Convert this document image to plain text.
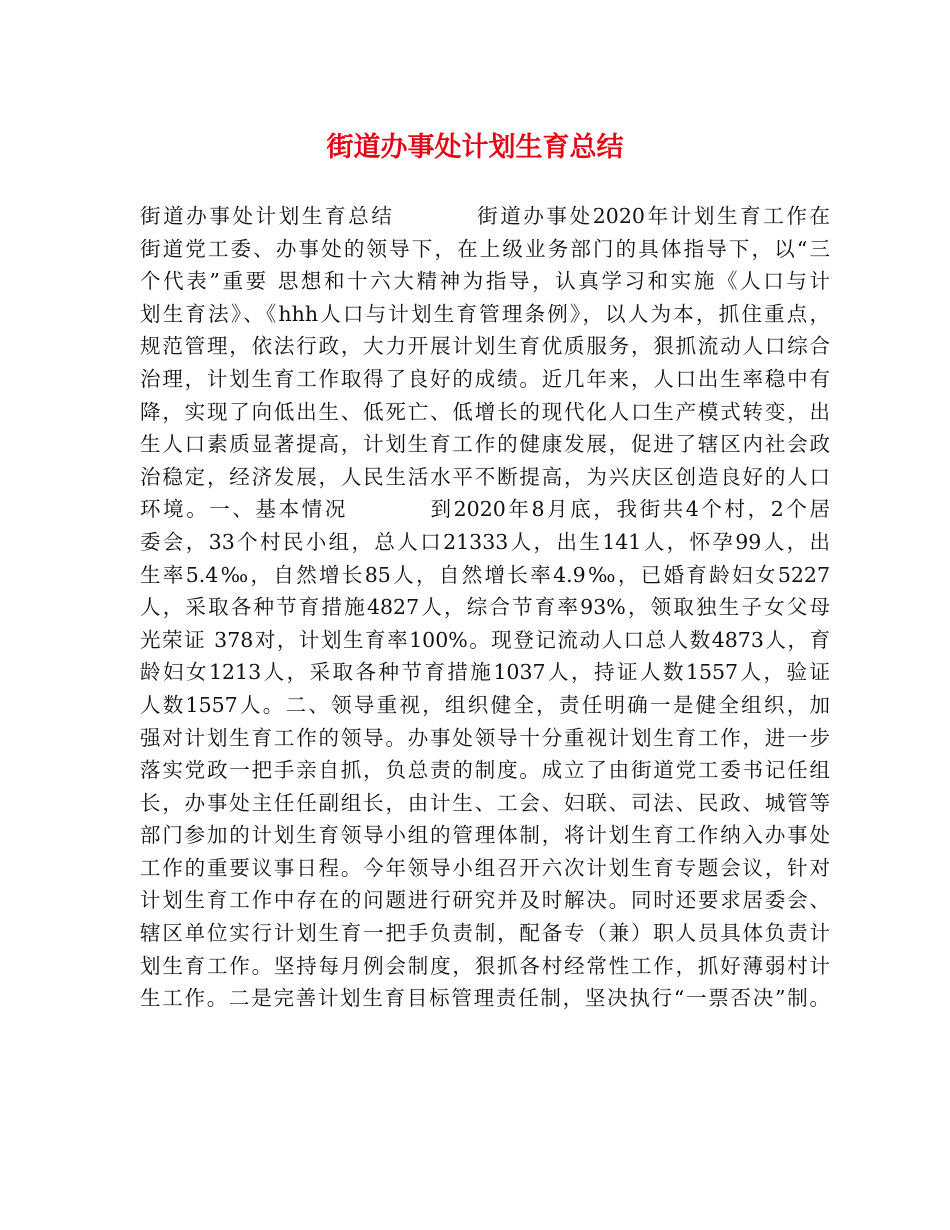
街道办事处计划生育总结
街道办事处计划生育总结	街道办事处2020年计划生育工作在
街道党工委、办事处的领导下，在上级业务部门的具体指导下，以“三
个代表”重要 思想和十六大精神为指导，认真学习和实施《人口与计
划生育法》、《hhh人口与计划生育管理条例》，以人为本，抓住重点，
规范管理，依法行政，大力开展计划生育优质服务，狠抓流动人口综合
治理，计划生育工作取得了良好的成绩。近几年来，人口出生率稳中有
降，实现了向低出生、低死亡、低增长的现代化人口生产模式转变，出
生人口素质显著提高，计划生育工作的健康发展，促进了辖区内社会政
治稳定，经济发展，人民生活水平不断提高，为兴庆区创造良好的人口
环境。一、基本情况	到2020年8月底，我街共4个村，2个居
委会，33个村民小组，总人口21333人，出生141人，怀孕99人，出
生率5.4‰，自然增长85人，自然增长率4.9‰，已婚育龄妇女5227
人，采取各种节育措施4827人，综合节育率93%，领取独生子女父母
光荣证 378对，计划生育率100%。现登记流动人口总人数4873人，育
龄妇女1213人，采取各种节育措施1037人，持证人数1557人，验证
人数1557人。二、领导重视，组织健全，责任明确一是健全组织，加
强对计划生育工作的领导。办事处领导十分重视计划生育工作，进一步
落实党政一把手亲自抓，负总责的制度。成立了由街道党工委书记任组
长，办事处主任任副组长，由计生、工会、妇联、司法、民政、城管等
部门参加的计划生育领导小组的管理体制，将计划生育工作纳入办事处
工作的重要议事日程。今年领导小组召开六次计划生育专题会议，针对
计划生育工作中存在的问题进行研究并及时解决。同时还要求居委会、
辖区单位实行计划生育一把手负责制，配备专（兼）职人员具体负责计
划生育工作。坚持每月例会制度，狠抓各村经常性工作，抓好薄弱村计
生工作。二是完善计划生育目标管理责任制，坚决执行“一票否决”制。
